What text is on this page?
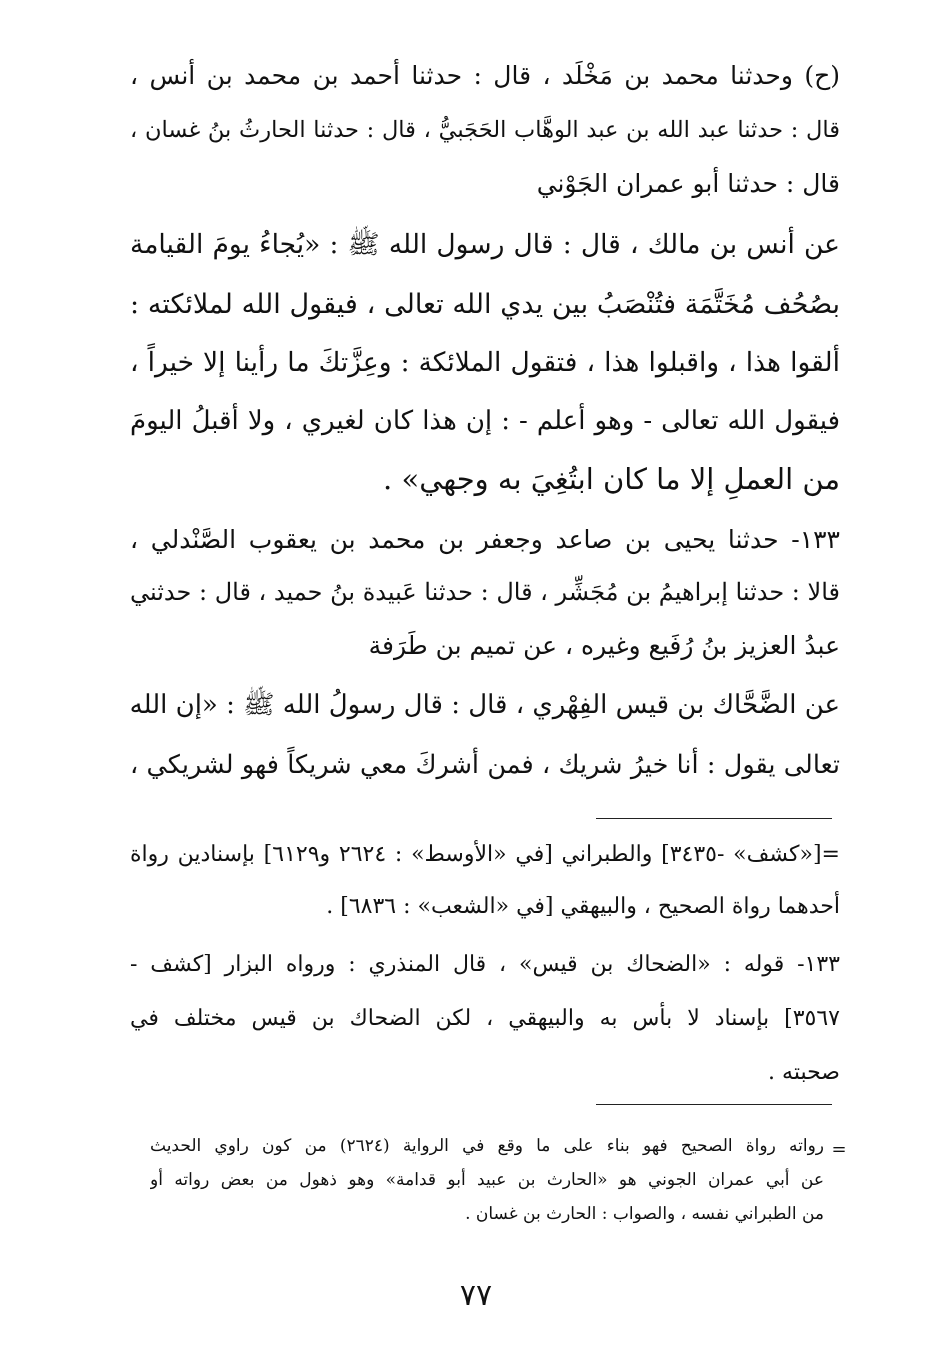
(ح) وحدثنا محمد بن مَخْلَد ، قال : حدثنا أحمد بن محمد بن أنس ،
قال : حدثنا عبد الله بن عبد الوهَّاب الحَجَبيُّ ، قال : حدثنا الحارثُ بنُ غسان ،
قال : حدثنا أبو عمران الجَوْني
عن أنس بن مالك ، قال : قال رسول الله ﷺ : «يُجاءُ يومَ القيامة
بصُحُف مُخَتَّمَة فتُنْصَبُ بين يدي الله تعالى ، فيقول الله لملائكته :
ألقوا هذا ، واقبلوا هذا ، فتقول الملائكة : وعِزَّتكَ ما رأينا إلا خيراً ،
فيقول الله تعالى - وهو أعلم - : إن هذا كان لغيري ، ولا أقبلُ اليومَ
من العملِ إلا ما كان ابتُغِيَ به وجهي» .
١٣٣- حدثنا يحيى بن صاعد وجعفر بن محمد بن يعقوب الصَّنْدلي ،
قالا : حدثنا إبراهيمُ بن مُجَشِّر ، قال : حدثنا عَبيدة بنُ حميد ، قال : حدثني
عبدُ العزيز بنُ رُفَيع وغيره ، عن تميم بن طَرَفة
عن الضَّحَّاك بن قيس الفِهْري ، قال : قال رسولُ الله ﷺ : «إن الله
تعالى يقول : أنا خيرُ شريك ، فمن أشركَ معي شريكاً فهو لشريكي ،
=[«كشف» -٣٤٣٥] والطبراني [في «الأوسط» : ٢٦٢٤ و٦١٢٩] بإسنادين رواة
أحدهما رواة الصحيح ، والبيهقي [في «الشعب» : ٦٨٣٦] .
١٣٣- قوله : «الضحاك بن قيس» ، قال المنذري : ورواه البزار [كشف -
٣٥٦٧] بإسناد لا بأس به والبيهقي ، لكن الضحاك بن قيس مختلف في
صحبته .
=
رواته رواة الصحيح فهو بناء على ما وقع في الرواية (٢٦٢٤) من كون راوي الحديث
عن أبي عمران الجوني هو «الحارث بن عبيد أبو قدامة» وهو ذهول من بعض رواته أو
من الطبراني نفسه ، والصواب : الحارث بن غسان .
٧٧
